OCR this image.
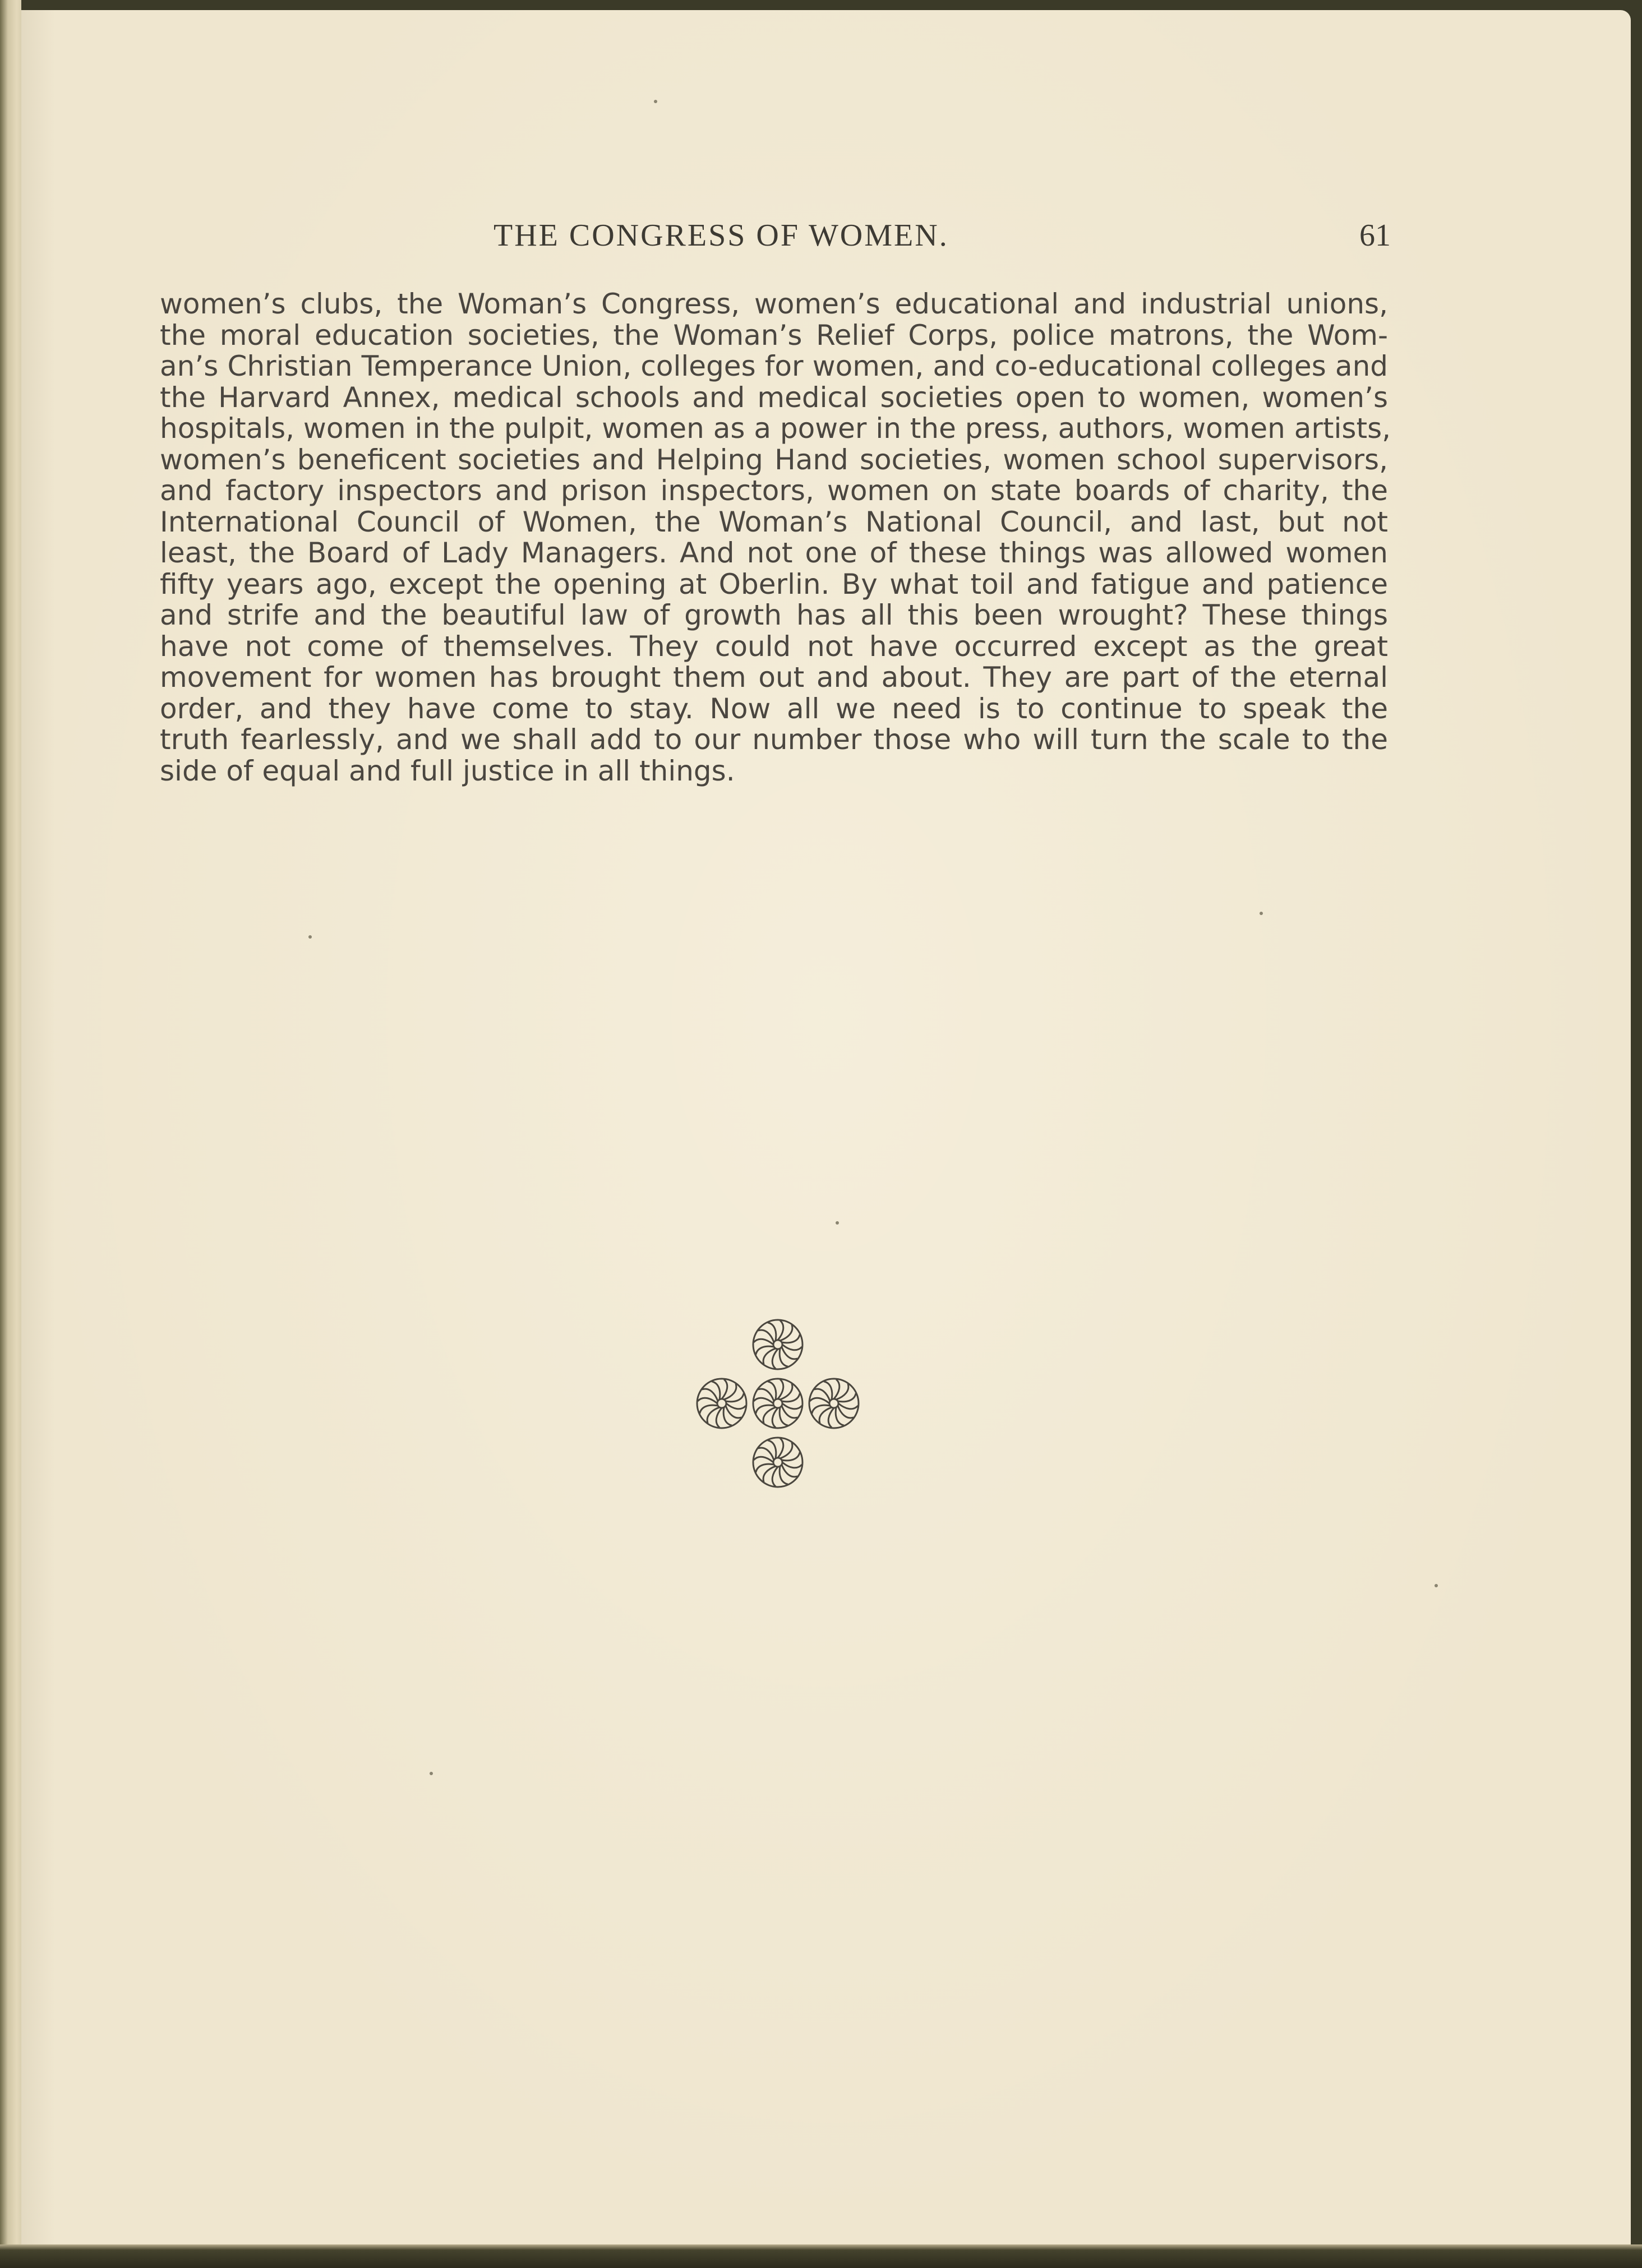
THE CONGRESS OF WOMEN.	61
women’s clubs, the Woman’s Congress, women’s educational and industrial unions,
the moral education societies, the Woman’s Relief Corps, police matrons, the Wom-
an’s Christian Temperance Union, colleges for women, and co-educational colleges and
the Harvard Annex, medical schools and medical societies open to women, women’s
hospitals, women in the pulpit, women as a power in the press, authors, women artists,
women’s beneficent societies and Helping Hand societies, women school supervisors,
and factory inspectors and prison inspectors, women on state boards of charity, the
International Council of Women, the Woman’s National Council, and last, but not
least, the Board of Lady Managers. And not one of these things was allowed women
fifty years ago, except the opening at Oberlin. By what toil and fatigue and patience
and strife and the beautiful law of growth has all this been wrought? These things
have not come of themselves. They could not have occurred except as the great
movement for women has brought them out and about. They are part of the eternal
order, and they have come to stay. Now all we need is to continue to speak the
truth fearlessly, and we shall add to our number those who will turn the scale to the
side of equal and full justice in all things.
